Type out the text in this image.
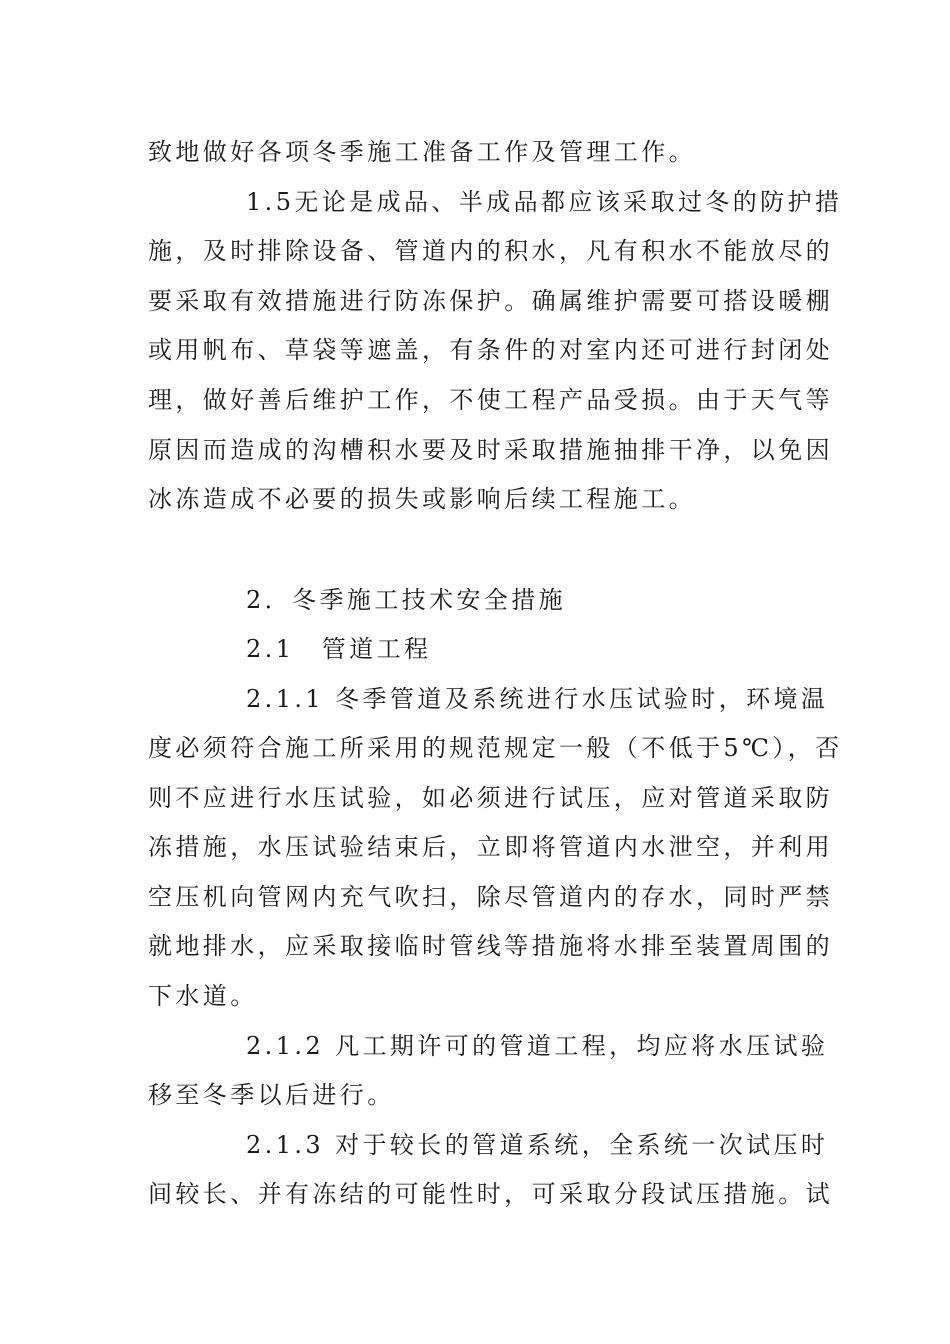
致地做好各项冬季施工准备工作及管理工作。
1.5无论是成品、半成品都应该采取过冬的防护措
施，及时排除设备、管道内的积水，凡有积水不能放尽的
要采取有效措施进行防冻保护。确属维护需要可搭设暖棚
或用帆布、草袋等遮盖，有条件的对室内还可进行封闭处
理，做好善后维护工作，不使工程产品受损。由于天气等
原因而造成的沟槽积水要及时采取措施抽排干净，以免因
冰冻造成不必要的损失或影响后续工程施工。
2．冬季施工技术安全措施
2.1　管道工程
2.1.1 冬季管道及系统进行水压试验时，环境温
度必须符合施工所采用的规范规定一般（不低于5℃），否
则不应进行水压试验，如必须进行试压，应对管道采取防
冻措施，水压试验结束后，立即将管道内水泄空，并利用
空压机向管网内充气吹扫，除尽管道内的存水，同时严禁
就地排水，应采取接临时管线等措施将水排至装置周围的
下水道。
2.1.2 凡工期许可的管道工程，均应将水压试验
移至冬季以后进行。
2.1.3 对于较长的管道系统，全系统一次试压时
间较长、并有冻结的可能性时，可采取分段试压措施。试
